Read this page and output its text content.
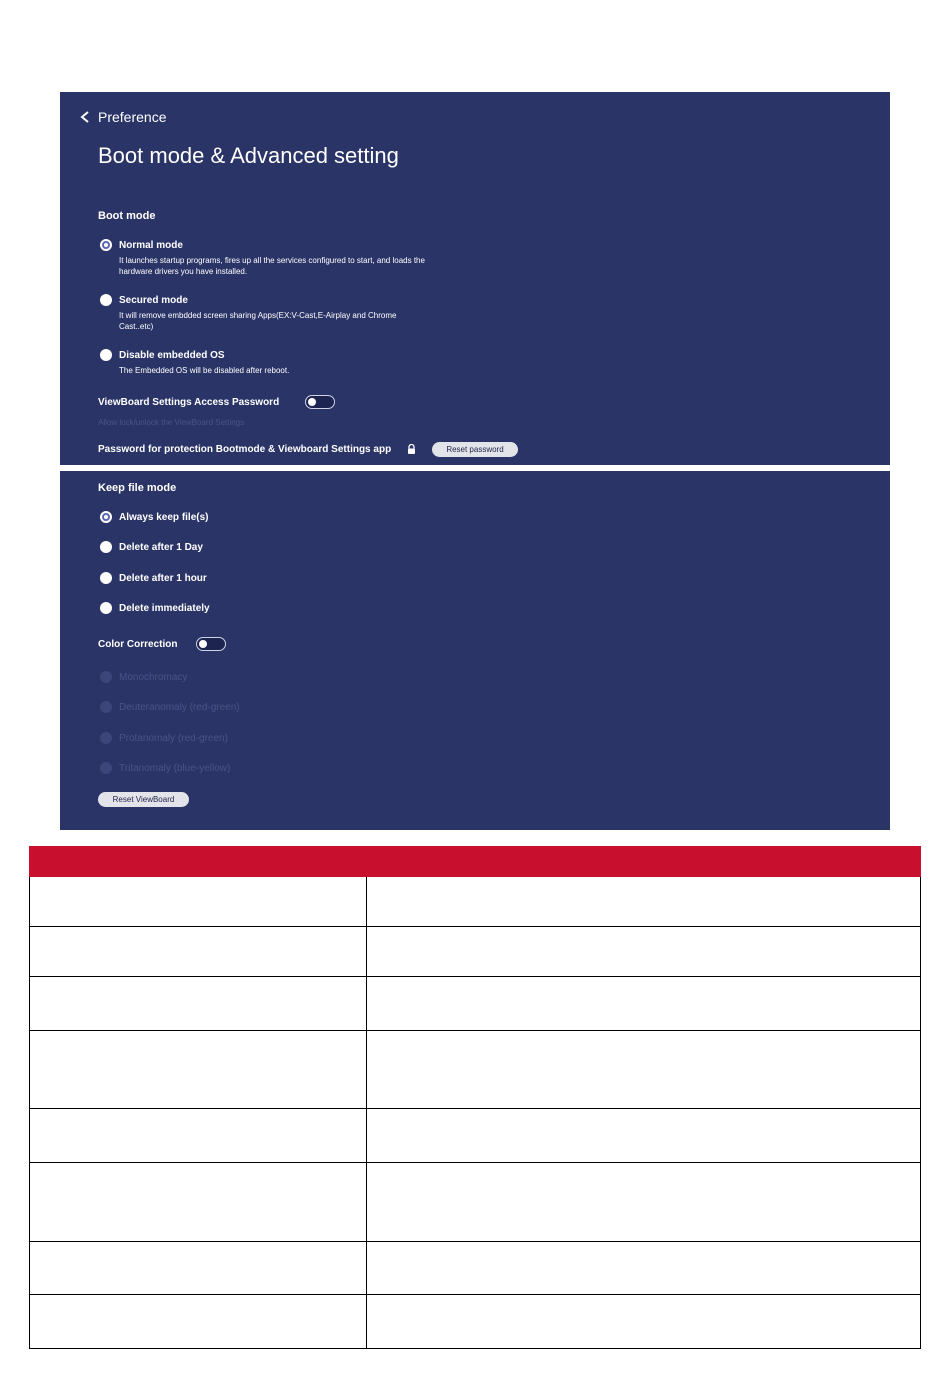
Preference
Boot mode & Advanced setting
Boot mode
Normal mode
It launches startup programs, fires up all the services configured to start, and loads the hardware drivers you have installed.
Secured mode
It will remove embdded screen sharing Apps(EX:V-Cast,E-Airplay and Chrome Cast..etc)
Disable embedded OS
The Embedded OS will be disabled after reboot.
ViewBoard Settings Access Password
Allow lock/unlock the ViewBoard Settings
Password for protection Bootmode & Viewboard Settings app	Reset password
Keep file mode
Always keep file(s)
Delete after 1 Day
Delete after 1 hour
Delete immediately
Color Correction
Monochromacy
Deuteranomaly (red-green)
Protanomaly (red-green)
Tritanomaly (blue-yellow)
Reset ViewBoard
